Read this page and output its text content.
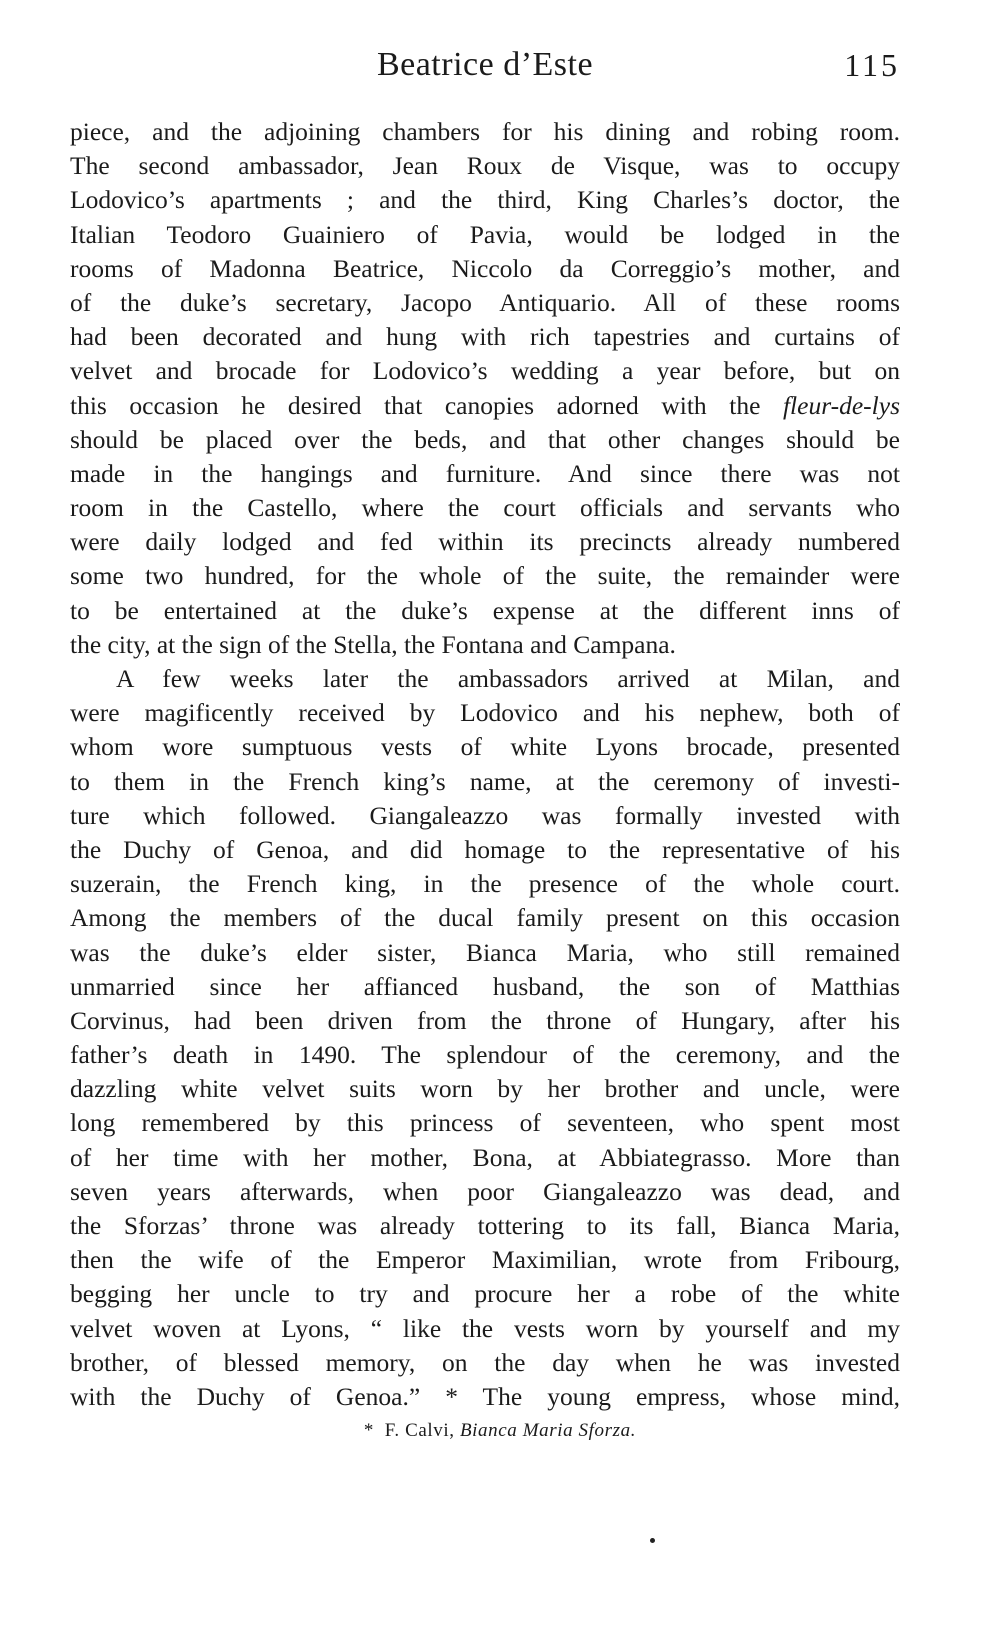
Beatrice d’Este	115
piece, and the adjoining chambers for his dining and robing room.
The second ambassador, Jean Roux de Visque, was to occupy
Lodovico’s apartments ; and the third, King Charles’s doctor, the
Italian Teodoro Guainiero of Pavia, would be lodged in the
rooms of Madonna Beatrice, Niccolo da Correggio’s mother, and
of the duke’s secretary, Jacopo Antiquario. All of these rooms
had been decorated and hung with rich tapestries and curtains of
velvet and brocade for Lodovico’s wedding a year before, but on
this occasion he desired that canopies adorned with the fleur-de-lys
should be placed over the beds, and that other changes should be
made in the hangings and furniture. And since there was not
room in the Castello, where the court officials and servants who
were daily lodged and fed within its precincts already numbered
some two hundred, for the whole of the suite, the remainder were
to be entertained at the duke’s expense at the different inns of
the city, at the sign of the Stella, the Fontana and Campana.
A few weeks later the ambassadors arrived at Milan, and
were magificently received by Lodovico and his nephew, both of
whom wore sumptuous vests of white Lyons brocade, presented
to them in the French king’s name, at the ceremony of investi-
ture which followed. Giangaleazzo was formally invested with
the Duchy of Genoa, and did homage to the representative of his
suzerain, the French king, in the presence of the whole court.
Among the members of the ducal family present on this occasion
was the duke’s elder sister, Bianca Maria, who still remained
unmarried since her affianced husband, the son of Matthias
Corvinus, had been driven from the throne of Hungary, after his
father’s death in 1490. The splendour of the ceremony, and the
dazzling white velvet suits worn by her brother and uncle, were
long remembered by this princess of seventeen, who spent most
of her time with her mother, Bona, at Abbiategrasso. More than
seven years afterwards, when poor Giangaleazzo was dead, and
the Sforzas’ throne was already tottering to its fall, Bianca Maria,
then the wife of the Emperor Maximilian, wrote from Fribourg,
begging her uncle to try and procure her a robe of the white
velvet woven at Lyons, “ like the vests worn by yourself and my
brother, of blessed memory, on the day when he was invested
with the Duchy of Genoa.” * The young empress, whose mind,
* F. Calvi, Bianca Maria Sforza.
